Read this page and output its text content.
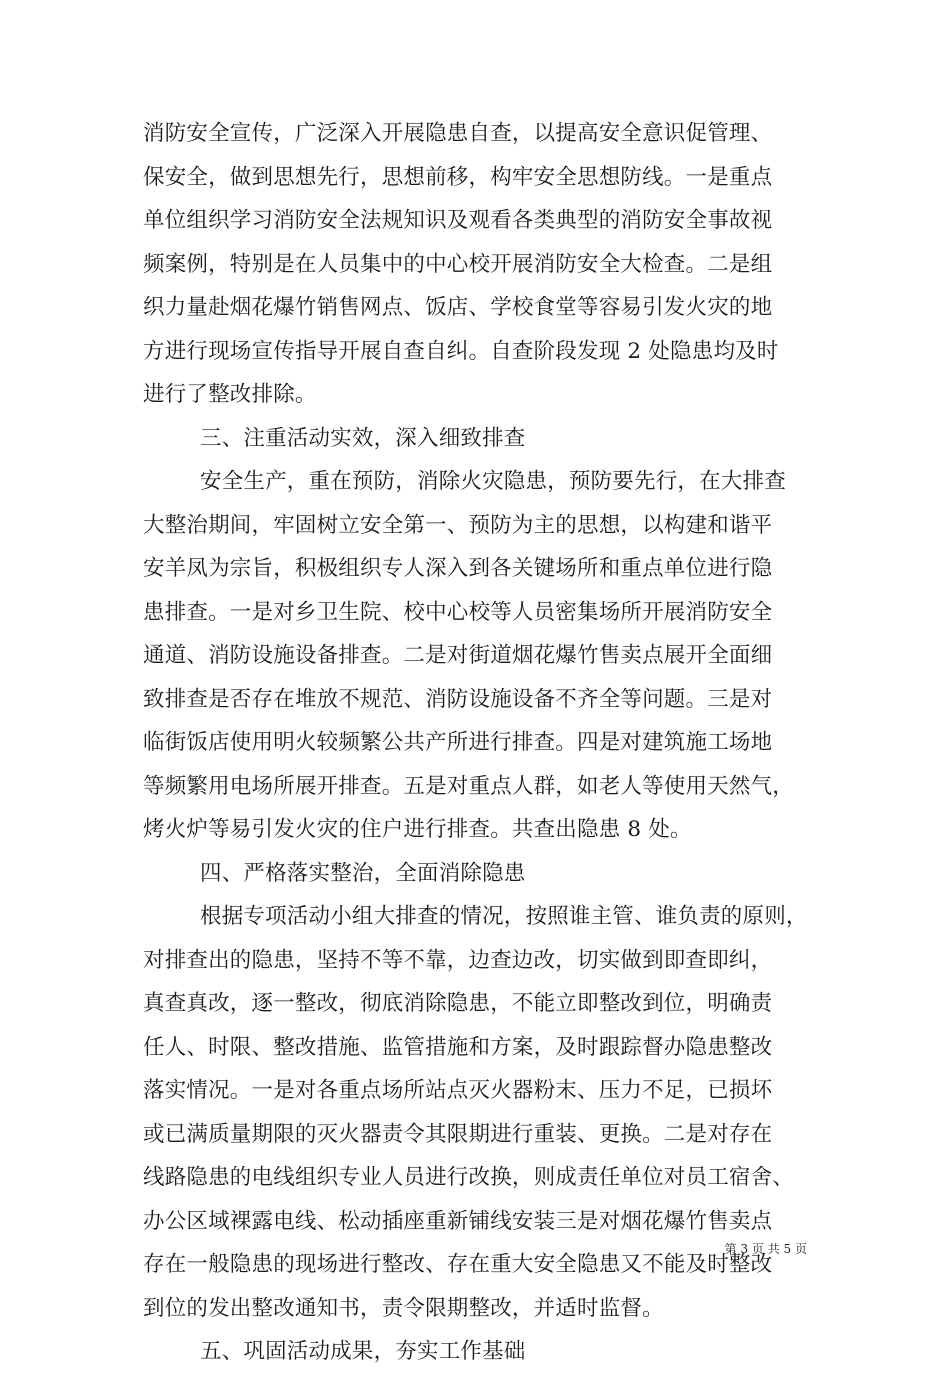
消防安全宣传，广泛深入开展隐患自查，以提高安全意识促管理、
保安全，做到思想先行，思想前移，构牢安全思想防线。一是重点
单位组织学习消防安全法规知识及观看各类典型的消防安全事故视
频案例，特别是在人员集中的中心校开展消防安全大检查。二是组
织力量赴烟花爆竹销售网点、饭店、学校食堂等容易引发火灾的地
方进行现场宣传指导开展自查自纠。自查阶段发现 2 处隐患均及时
进行了整改排除。
三、注重活动实效，深入细致排查
安全生产，重在预防，消除火灾隐患，预防要先行，在大排查
大整治期间，牢固树立安全第一、预防为主的思想，以构建和谐平
安羊凤为宗旨，积极组织专人深入到各关键场所和重点单位进行隐
患排查。一是对乡卫生院、校中心校等人员密集场所开展消防安全
通道、消防设施设备排查。二是对街道烟花爆竹售卖点展开全面细
致排查是否存在堆放不规范、消防设施设备不齐全等问题。三是对
临街饭店使用明火较频繁公共产所进行排查。四是对建筑施工场地
等频繁用电场所展开排查。五是对重点人群，如老人等使用天然气，
烤火炉等易引发火灾的住户进行排查。共查出隐患 8 处。
四、严格落实整治，全面消除隐患
根据专项活动小组大排查的情况，按照谁主管、谁负责的原则，
对排查出的隐患，坚持不等不靠，边查边改，切实做到即查即纠，
真查真改，逐一整改，彻底消除隐患，不能立即整改到位，明确责
任人、时限、整改措施、监管措施和方案，及时跟踪督办隐患整改
落实情况。一是对各重点场所站点灭火器粉末、压力不足，已损坏
或已满质量期限的灭火器责令其限期进行重装、更换。二是对存在
线路隐患的电线组织专业人员进行改换，则成责任单位对员工宿舍、
办公区域裸露电线、松动插座重新铺线安装三是对烟花爆竹售卖点
存在一般隐患的现场进行整改、存在重大安全隐患又不能及时整改
到位的发出整改通知书，责令限期整改，并适时监督。
五、巩固活动成果，夯实工作基础
第 3 页 共 5 页
